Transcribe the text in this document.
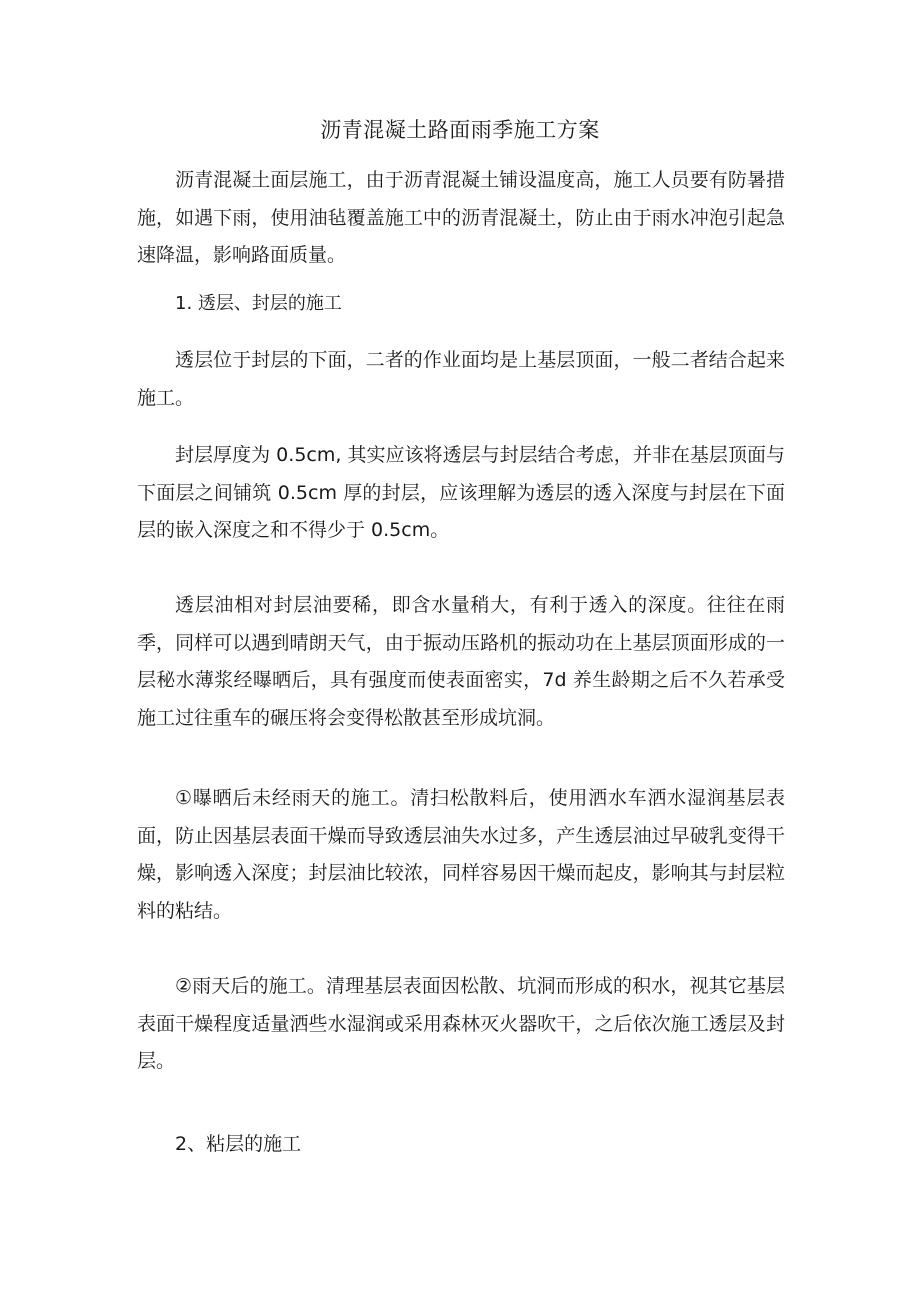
沥青混凝土路面雨季施工方案

沥青混凝土面层施工，由于沥青混凝土铺设温度高，施工人员要有防暑措施，如遇下雨，使用油毡覆盖施工中的沥青混凝土，防止由于雨水冲泡引起急速降温，影响路面质量。

1. 透层、封层的施工

透层位于封层的下面，二者的作业面均是上基层顶面，一般二者结合起来施工。

封层厚度为 0.5cm, 其实应该将透层与封层结合考虑，并非在基层顶面与下面层之间铺筑 0.5cm 厚的封层，应该理解为透层的透入深度与封层在下面层的嵌入深度之和不得少于 0.5cm。

透层油相对封层油要稀，即含水量稍大，有利于透入的深度。往往在雨季，同样可以遇到晴朗天气，由于振动压路机的振动功在上基层顶面形成的一层秘水薄浆经曝晒后，具有强度而使表面密实，7d 养生龄期之后不久若承受施工过往重车的碾压将会变得松散甚至形成坑洞。

①曝晒后未经雨天的施工。清扫松散料后，使用洒水车洒水湿润基层表面，防止因基层表面干燥而导致透层油失水过多，产生透层油过早破乳变得干燥，影响透入深度；封层油比较浓，同样容易因干燥而起皮，影响其与封层粒料的粘结。

②雨天后的施工。清理基层表面因松散、坑洞而形成的积水，视其它基层表面干燥程度适量洒些水湿润或采用森林灭火器吹干，之后依次施工透层及封层。

2、粘层的施工
